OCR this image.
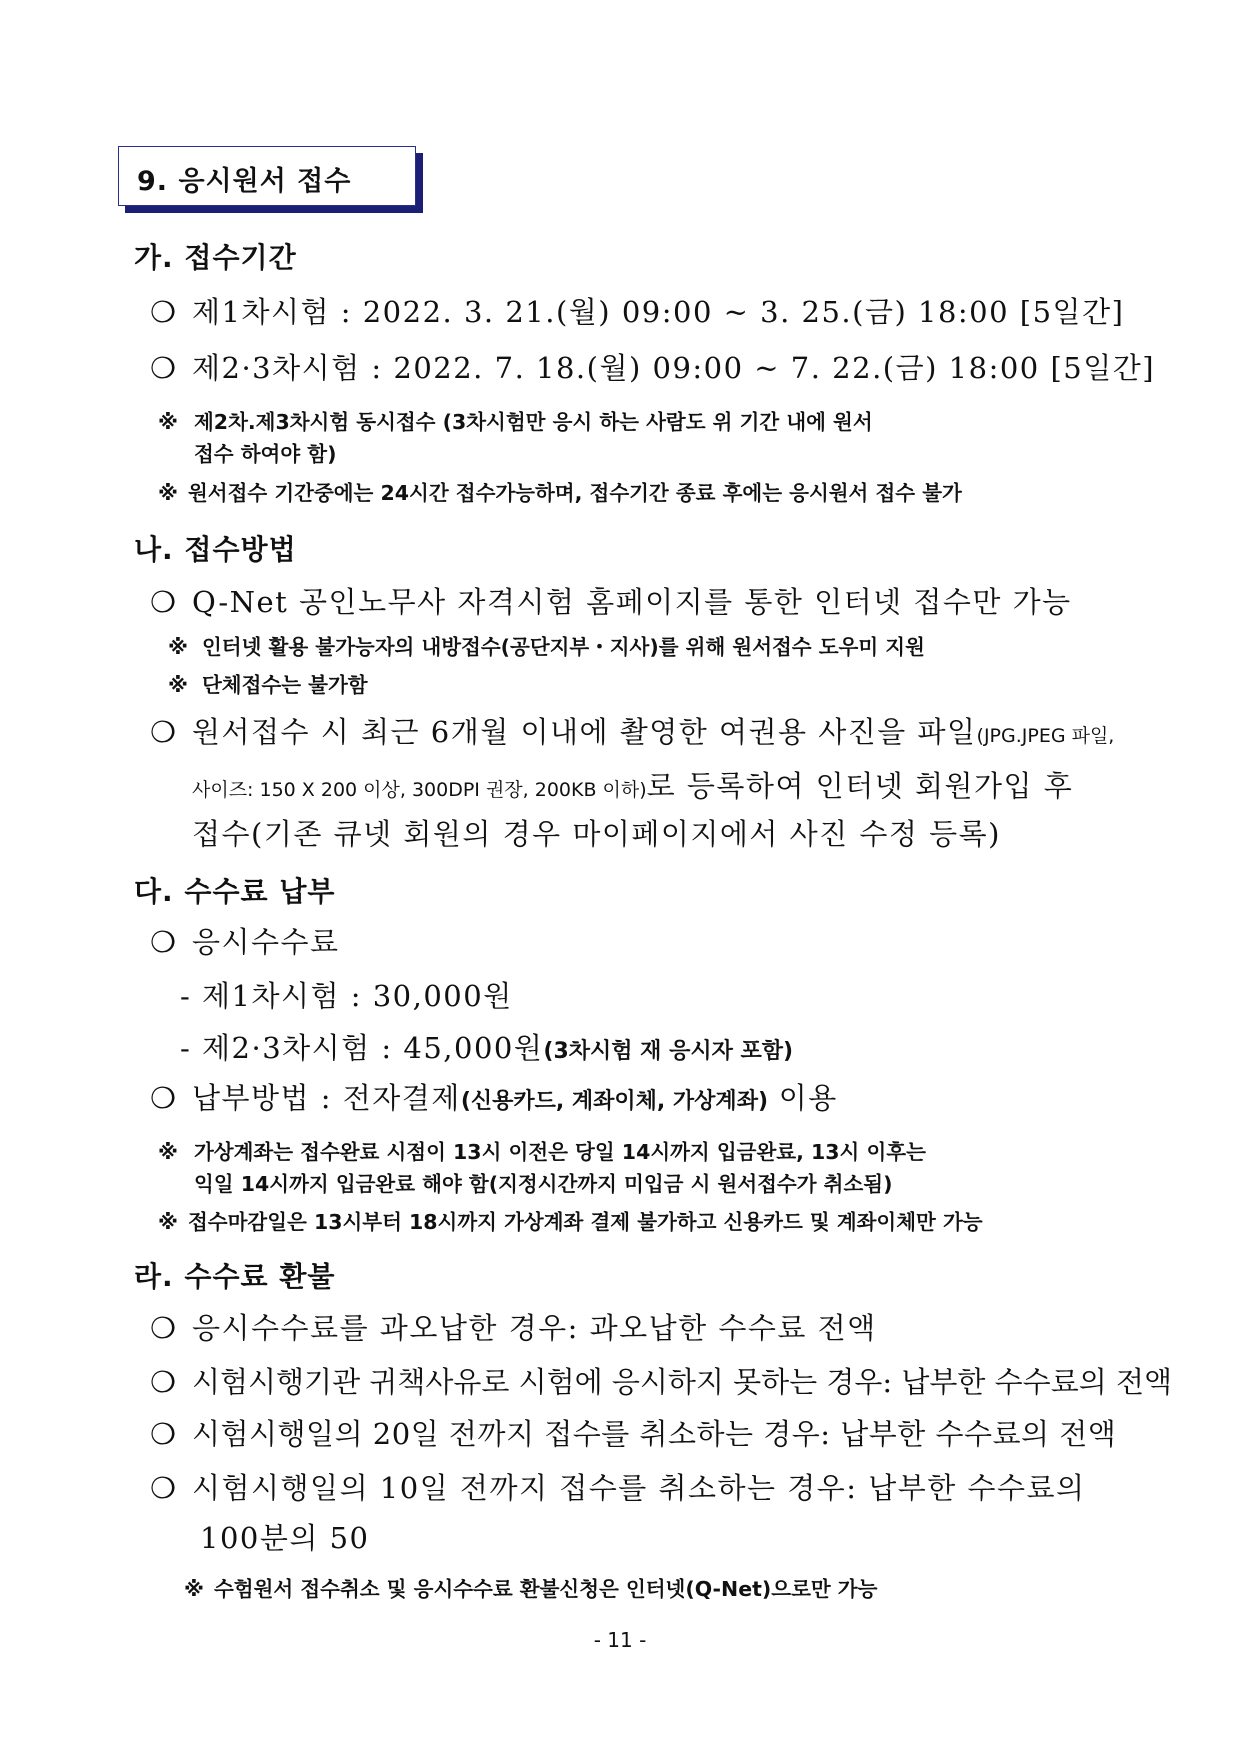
9. 응시원서 접수
가. 접수기간
❍ 제1차시험 : 2022. 3. 21.(월) 09:00 ~ 3. 25.(금) 18:00 [5일간]
❍ 제2·3차시험 : 2022. 7. 18.(월) 09:00 ~ 7. 22.(금) 18:00 [5일간]
※ 제2차.제3차시험 동시접수 (3차시험만 응시 하는 사람도 위 기간 내에 원서
접수 하여야 함)
※ 원서접수 기간중에는 24시간 접수가능하며, 접수기간 종료 후에는 응시원서 접수 불가
나. 접수방법
❍ Q-Net 공인노무사 자격시험 홈페이지를 통한 인터넷 접수만 가능
※ 인터넷 활용 불가능자의 내방접수(공단지부・지사)를 위해 원서접수 도우미 지원
※ 단체접수는 불가함
❍ 원서접수 시 최근 6개월 이내에 촬영한 여권용 사진을 파일(JPG.JPEG 파일,
사이즈: 150 X 200 이상, 300DPI 권장, 200KB 이하)로 등록하여 인터넷 회원가입 후
접수(기존 큐넷 회원의 경우 마이페이지에서 사진 수정 등록)
다. 수수료 납부
❍ 응시수수료
- 제1차시험 : 30,000원
- 제2·3차시험 : 45,000원(3차시험 재 응시자 포함)
❍ 납부방법 : 전자결제(신용카드, 계좌이체, 가상계좌) 이용
※ 가상계좌는 접수완료 시점이 13시 이전은 당일 14시까지 입금완료, 13시 이후는
익일 14시까지 입금완료 해야 함(지정시간까지 미입금 시 원서접수가 취소됨)
※ 접수마감일은 13시부터 18시까지 가상계좌 결제 불가하고 신용카드 및 계좌이체만 가능
라. 수수료 환불
❍ 응시수수료를 과오납한 경우: 과오납한 수수료 전액
❍ 시험시행기관 귀책사유로 시험에 응시하지 못하는 경우: 납부한 수수료의 전액
❍ 시험시행일의 20일 전까지 접수를 취소하는 경우: 납부한 수수료의 전액
❍ 시험시행일의 10일 전까지 접수를 취소하는 경우: 납부한 수수료의
100분의 50
※ 수험원서 접수취소 및 응시수수료 환불신청은 인터넷(Q-Net)으로만 가능
- 11 -
